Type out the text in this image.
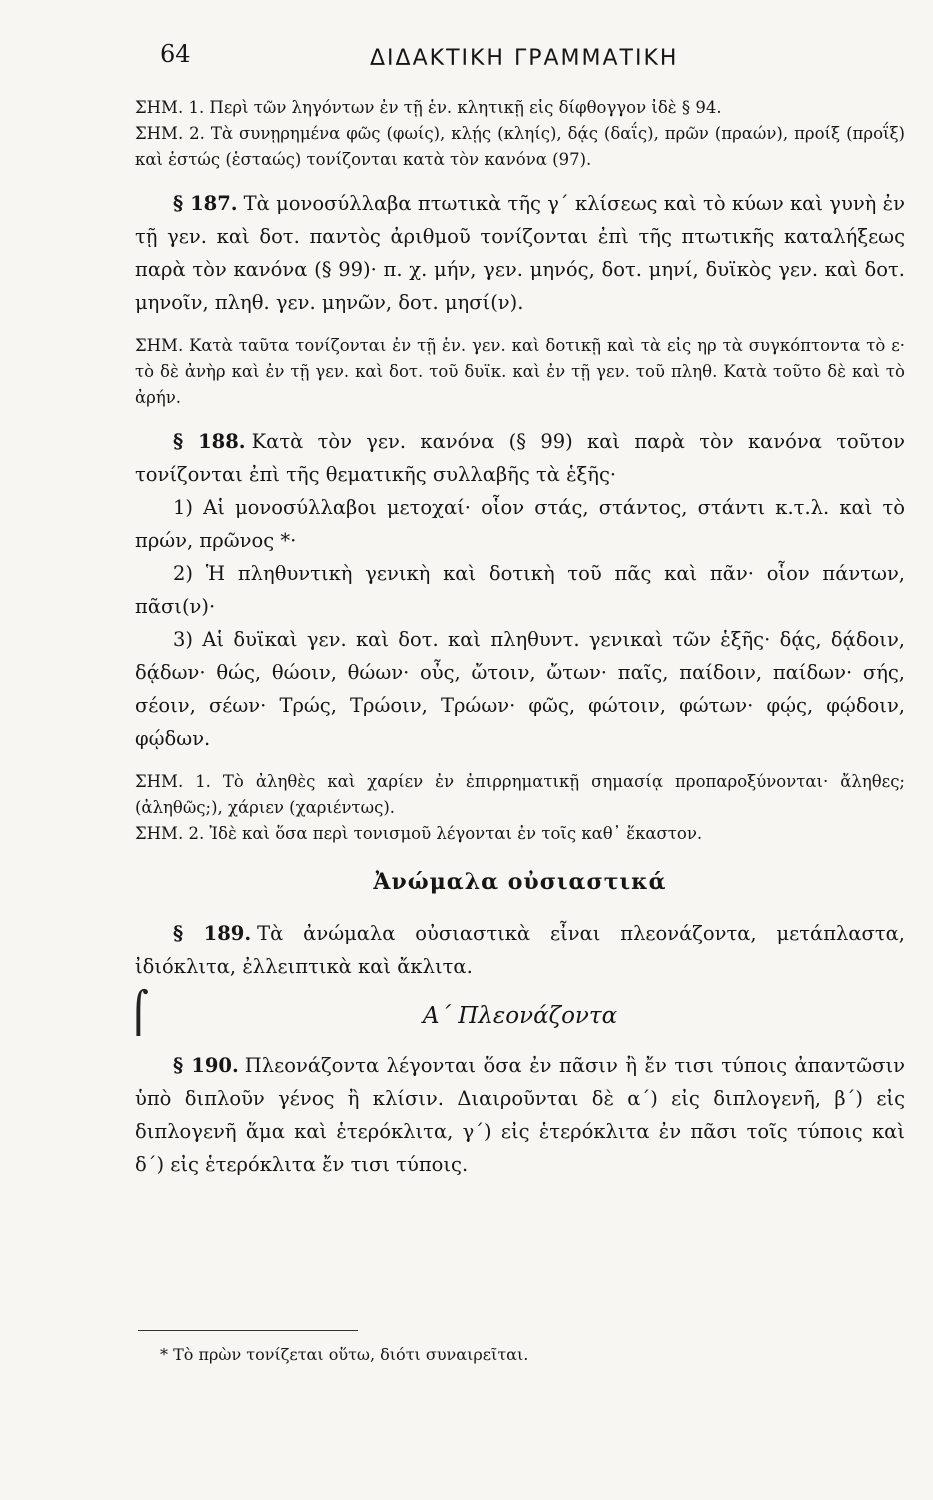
64	ΔΙΔΑΚΤΙΚΗ ΓΡΑΜΜΑΤΙΚΗ

ΣΗΜ. 1. Περὶ τῶν ληγόντων ἐν τῇ ἑν. κλητικῇ εἰς δίφθογγον ἰδὲ § 94.

ΣΗΜ. 2. Τὰ συνῃρημένα φῶς (φωίς), κλῄς (κληίς), δᾴς (δαΐς), πρῶν (πραών), προίξ (προΐξ) καὶ ἑστώς (ἑσταώς) τονίζονται κατὰ τὸν κανόνα (97).

§ 187. Τὰ μονοσύλλαβα πτωτικὰ τῆς γ΄ κλίσεως καὶ τὸ κύων καὶ γυνὴ ἐν τῇ γεν. καὶ δοτ. παντὸς ἀριθμοῦ τονίζονται ἐπὶ τῆς πτωτικῆς καταλήξεως παρὰ τὸν κανόνα (§ 99)· π. χ. μήν, γεν. μηνός, δοτ. μηνί, δυϊκὸς γεν. καὶ δοτ. μηνοῖν, πληθ. γεν. μηνῶν, δοτ. μησί(ν).

ΣΗΜ. Κατὰ ταῦτα τονίζονται ἐν τῇ ἑν. γεν. καὶ δοτικῇ καὶ τὰ εἰς ηρ τὰ συγκόπτοντα τὸ ε· τὸ δὲ ἀνὴρ καὶ ἐν τῇ γεν. καὶ δοτ. τοῦ δυϊκ. καὶ ἐν τῇ γεν. τοῦ πληθ. Κατὰ τοῦτο δὲ καὶ τὸ ἀρήν.

§ 188. Κατὰ τὸν γεν. κανόνα (§ 99) καὶ παρὰ τὸν κανόνα τοῦτον τονίζονται ἐπὶ τῆς θεματικῆς συλλαβῆς τὰ ἑξῆς·

1) Αἱ μονοσύλλαβοι μετοχαί· οἷον στάς, στάντος, στάντι κ.τ.λ. καὶ τὸ πρών, πρῶνος *·

2) Ἡ πληθυντικὴ γενικὴ καὶ δοτικὴ τοῦ πᾶς καὶ πᾶν· οἷον πάντων, πᾶσι(ν)·

3) Αἱ δυϊκαὶ γεν. καὶ δοτ. καὶ πληθυντ. γενικαὶ τῶν ἑξῆς· δᾴς, δᾴδοιν, δᾴδων· θώς, θώοιν, θώων· οὖς, ὤτοιν, ὤτων· παῖς, παίδοιν, παίδων· σής, σέοιν, σέων· Τρώς, Τρώοιν, Τρώων· φῶς, φώτοιν, φώτων· φῴς, φῴδοιν, φῴδων.

ΣΗΜ. 1. Τὸ ἀληθὲς καὶ χαρίεν ἐν ἐπιρρηματικῇ σημασίᾳ προπαροξύνονται· ἄληθες; (ἀληθῶς;), χάριεν (χαριέντως).

ΣΗΜ. 2. Ἰδὲ καὶ ὅσα περὶ τονισμοῦ λέγονται ἐν τοῖς καθ᾽ ἕκαστον.

Ἀνώμαλα οὐσιαστικά

§ 189. Τὰ ἀνώμαλα οὐσιαστικὰ εἶναι πλεονάζοντα, μετάπλαστα, ἰδιόκλιτα, ἐλλειπτικὰ καὶ ἄκλιτα.

Α΄ Πλεονάζοντα

§ 190. Πλεονάζοντα λέγονται ὅσα ἐν πᾶσιν ἢ ἔν τισι τύποις ἀπαντῶσιν ὑπὸ διπλοῦν γένος ἢ κλίσιν. Διαιροῦνται δὲ α΄) εἰς διπλογενῆ, β΄) εἰς διπλογενῆ ἅμα καὶ ἑτερόκλιτα, γ΄) εἰς ἑτερόκλιτα ἐν πᾶσι τοῖς τύποις καὶ δ΄) εἰς ἑτερόκλιτα ἔν τισι τύποις.

⌠
* Τὸ πρὼν τονίζεται οὕτω, διότι συναιρεῖται.
